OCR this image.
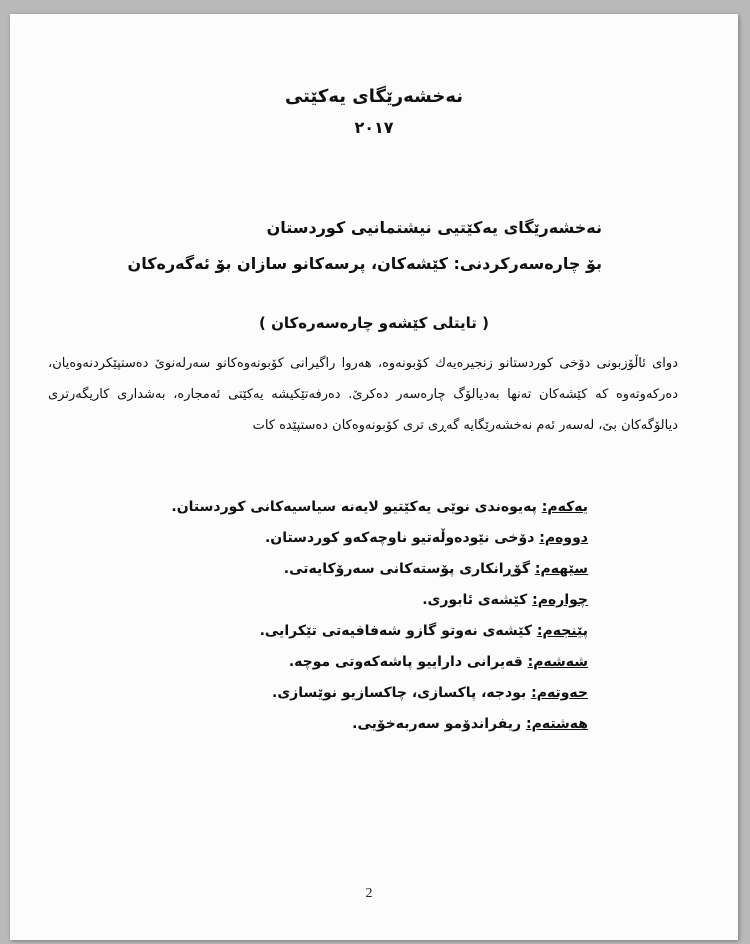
نەخشەرێگای یەکێتی
٢٠١٧
نەخشەرێگای یەکێتیی نیشتمانیی کوردستان
بۆ چارەسەرکردنی: کێشەکان، پرسەکانو سازان بۆ ئەگەرەکان
( تایتلی کێشەو چارەسەرەکان )

دوای ئاڵۆزبونی دۆخی کوردستانو زنجیرەیەك کۆبونەوە، هەروا راگیرانی کۆبونەوەکانو سەرلەنوێ دەستپێکردنەوەیان، دەرکەوتەوە کە کێشەکان تەنها بەدیالۆگ چارەسەر دەکرێ. دەرفەتێکیشە یەکێتی ئەمجارە، بەشداری کاریگەرتری دیالۆگەکان بێ، لەسەر ئەم نەخشەرێگایە گەڕی تری کۆبونەوەکان دەستپێدە کات

یەکەم: پەیوەندی نوێی یەکێتیو لایەنە سیاسیەکانی کوردستان.
دووەم: دۆخی نێودەوڵەتیو ناوچەکەو کوردستان.
سێهەم: گۆڕانکاری پۆستەکانی سەرۆکایەتی.
چوارەم: کێشەی ئابوری.
پێنجەم: کێشەی نەوتو گازو شەفافیەتی تێکرایی.
شەشەم: قەیرانی دارایيو پاشەکەوتی موچە.
حەوتەم: بودجە، پاکسازی، چاکسازیو نوێسازی.
هەشتەم: ریفراندۆمو سەربەخۆیی.
2
